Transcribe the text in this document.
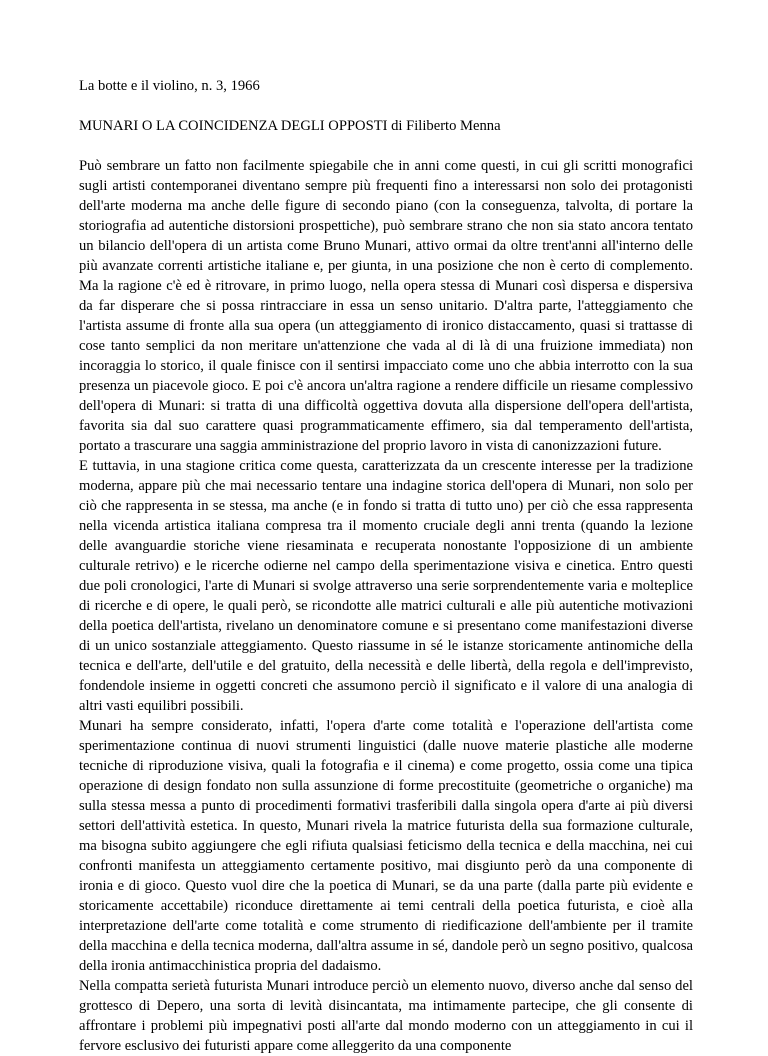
La botte e il violino, n. 3, 1966

MUNARI O LA COINCIDENZA DEGLI OPPOSTI di Filiberto Menna

Può sembrare un fatto non facilmente spiegabile che in anni come questi, in cui gli scritti monografici sugli artisti contemporanei diventano sempre più frequenti fino a interessarsi non solo dei protagonisti dell'arte moderna ma anche delle figure di secondo piano (con la conseguenza, talvolta, di portare la storiografia ad autentiche distorsioni prospettiche), può sembrare strano che non sia stato ancora tentato un bilancio dell'opera di un artista come Bruno Munari, attivo ormai da oltre trent'anni all'interno delle più avanzate correnti artistiche italiane e, per giunta, in una posizione che non è certo di complemento. Ma la ragione c'è ed è ritrovare, in primo luogo, nella opera stessa di Munari così dispersa e dispersiva da far disperare che si possa rintracciare in essa un senso unitario. D'altra parte, l'atteggiamento che l'artista assume di fronte alla sua opera (un atteggiamento di ironico distaccamento, quasi si trattasse di cose tanto semplici da non meritare un'attenzione che vada al di là di una fruizione immediata) non incoraggia lo storico, il quale finisce con il sentirsi impacciato come uno che abbia interrotto con la sua presenza un piacevole gioco. E poi c'è ancora un'altra ragione a rendere difficile un riesame complessivo dell'opera di Munari: si tratta di una difficoltà oggettiva dovuta alla dispersione dell'opera dell'artista, favorita sia dal suo carattere quasi programmaticamente effimero, sia dal temperamento dell'artista, portato a trascurare una saggia amministrazione del proprio lavoro in vista di canonizzazioni future.

E tuttavia, in una stagione critica come questa, caratterizzata da un crescente interesse per la tradizione moderna, appare più che mai necessario tentare una indagine storica dell'opera di Munari, non solo per ciò che rappresenta in se stessa, ma anche (e in fondo si tratta di tutto uno) per ciò che essa rappresenta nella vicenda artistica italiana compresa tra il momento cruciale degli anni trenta (quando la lezione delle avanguardie storiche viene riesaminata e recuperata nonostante l'opposizione di un ambiente culturale retrivo) e le ricerche odierne nel campo della sperimentazione visiva e cinetica. Entro questi due poli cronologici, l'arte di Munari si svolge attraverso una serie sorprendentemente varia e molteplice di ricerche e di opere, le quali però, se ricondotte alle matrici culturali e alle più autentiche motivazioni della poetica dell'artista, rivelano un denominatore comune e si presentano come manifestazioni diverse di un unico sostanziale atteggiamento. Questo riassume in sé le istanze storicamente antinomiche della tecnica e dell'arte, dell'utile e del gratuito, della necessità e delle libertà, della regola e dell'imprevisto, fondendole insieme in oggetti concreti che assumono perciò il significato e il valore di una analogia di altri vasti equilibri possibili.

Munari ha sempre considerato, infatti, l'opera d'arte come totalità e l'operazione dell'artista come sperimentazione continua di nuovi strumenti linguistici (dalle nuove materie plastiche alle moderne tecniche di riproduzione visiva, quali la fotografia e il cinema) e come progetto, ossia come una tipica operazione di design fondato non sulla assunzione di forme precostituite (geometriche o organiche) ma sulla stessa messa a punto di procedimenti formativi trasferibili dalla singola opera d'arte ai più diversi settori dell'attività estetica. In questo, Munari rivela la matrice futurista della sua formazione culturale, ma bisogna subito aggiungere che egli rifiuta qualsiasi feticismo della tecnica e della macchina, nei cui confronti manifesta un atteggiamento certamente positivo, mai disgiunto però da una componente di ironia e di gioco. Questo vuol dire che la poetica di Munari, se da una parte (dalla parte più evidente e storicamente accettabile) riconduce direttamente ai temi centrali della poetica futurista, e cioè alla interpretazione dell'arte come totalità e come strumento di riedificazione dell'ambiente per il tramite della macchina e della tecnica moderna, dall'altra assume in sé, dandole però un segno positivo, qualcosa della ironia antimacchinistica propria del dadaismo.

Nella compatta serietà futurista Munari introduce perciò un elemento nuovo, diverso anche dal senso del grottesco di Depero, una sorta di levità disincantata, ma intimamente partecipe, che gli consente di affrontare i problemi più impegnativi posti all'arte dal mondo moderno con un atteggiamento in cui il fervore esclusivo dei futuristi appare come alleggerito da una componente
